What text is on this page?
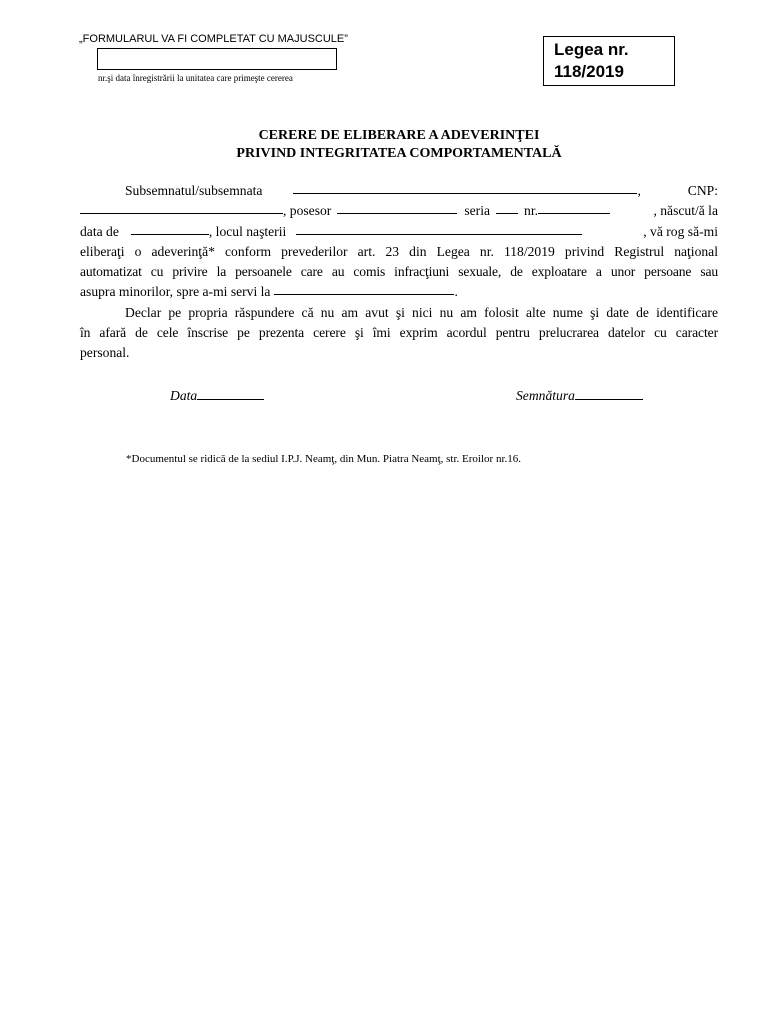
„FORMULARUL VA FI COMPLETAT CU MAJUSCULE”
nr.şi data înregistrării la unitatea care primeşte cererea
Legea nr.
118/2019
CERERE DE ELIBERARE A ADEVERINŢEI
PRIVIND INTEGRITATEA COMPORTAMENTALĂ
Subsemnatul/subsemnata	,	CNP:
, posesor	seria	nr.	, născut/ă la
data de	, locul naşterii	, vă rog să-mi
eliberaţi o adeverinţă* conform prevederilor art. 23 din Legea nr. 118/2019 privind Registrul naţional
automatizat cu privire la persoanele care au comis infracţiuni sexuale, de exploatare a unor persoane sau
asupra minorilor, spre a-mi servi la	.
Declar pe propria răspundere că nu am avut şi nici nu am folosit alte nume şi date de identificare
în afară de cele înscrise pe prezenta cerere şi îmi exprim acordul pentru prelucrarea datelor cu caracter
personal.
Data	Semnătura
*Documentul se ridică de la sediul I.P.J. Neamţ, din Mun. Piatra Neamţ, str. Eroilor nr.16.
